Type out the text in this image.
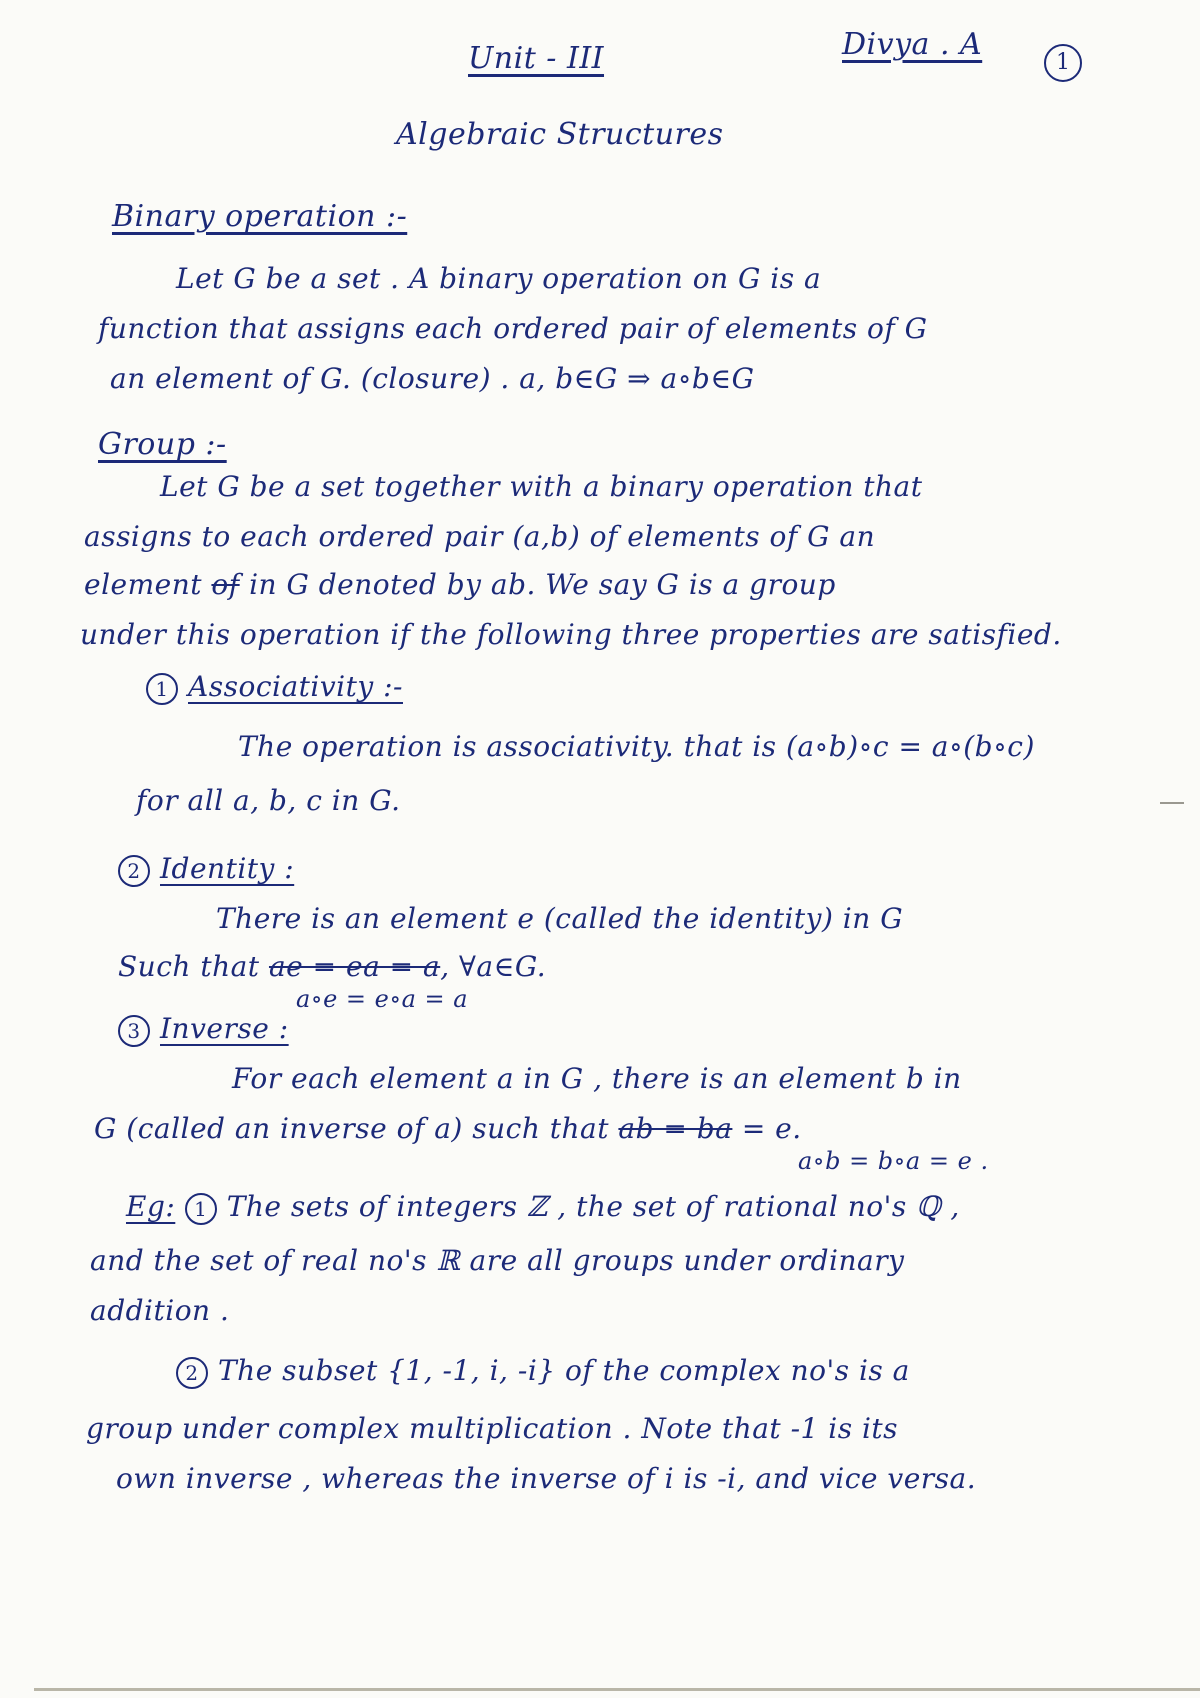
Unit - III	Divya . A
1
Algebraic Structures
Binary operation :-
Let G be a set . A binary operation on G is a
function that assigns each ordered pair of elements of G
an element of G. (closure) . a, b∈G ⇒ a∘b∈G
Group :-
Let G be a set together with a binary operation that
assigns to each ordered pair (a,b) of elements of G an
element of in G denoted by ab. We say G is a group
under this operation if the following three properties are satisfied.
1 Associativity :-
The operation is associativity. that is (a∘b)∘c = a∘(b∘c)
for all a, b, c in G.
2 Identity :
There is an element e (called the identity) in G
Such that ae = ea = a, ∀a∈G.
a∘e = e∘a = a
3 Inverse :
For each element a in G , there is an element b in
G (called an inverse of a) such that ab = ba = e.
a∘b = b∘a = e .
Eg: 1 The sets of integers ℤ , the set of rational no's ℚ ,
and the set of real no's ℝ are all groups under ordinary
addition .
2 The subset {1, -1, i, -i} of the complex no's is a
group under complex multiplication . Note that -1 is its
own inverse , whereas the inverse of i is -i, and vice versa.
